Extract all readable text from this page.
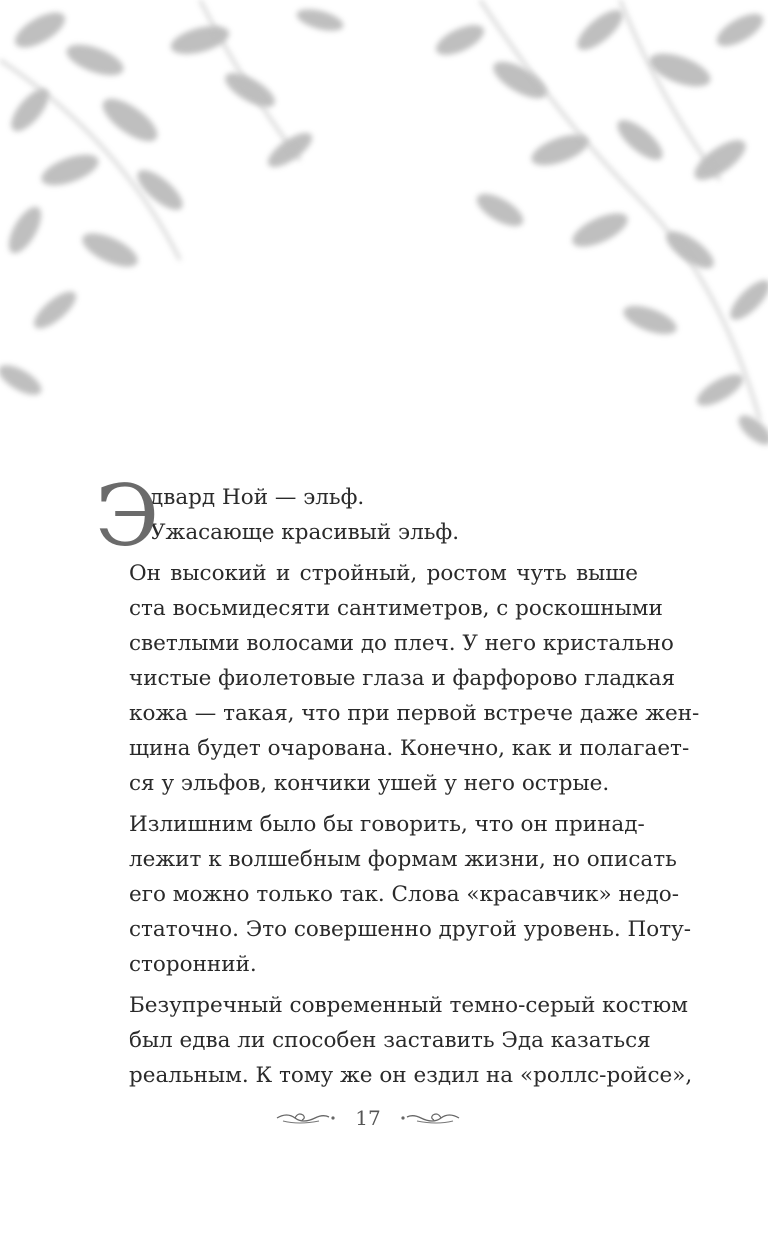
Э
двард Ной — эльф.
Ужасающе красивый эльф.
Он высокий и стройный, ростом чуть выше
ста восьмидесяти сантиметров, с роскошными
светлыми волосами до плеч. У него кристально
чистые фиолетовые глаза и фарфорово гладкая
кожа — такая, что при первой встрече даже жен-
щина будет очарована. Конечно, как и полагает-
ся у эльфов, кончики ушей у него острые.
Излишним было бы говорить, что он принад-
лежит к волшебным формам жизни, но описать
его можно только так. Слова «красавчик» недо-
статочно. Это совершенно другой уровень. Поту-
сторонний.
Безупречный современный темно-серый костюм
был едва ли способен заставить Эда казаться
реальным. К тому же он ездил на «роллс-ройсе»,
17
